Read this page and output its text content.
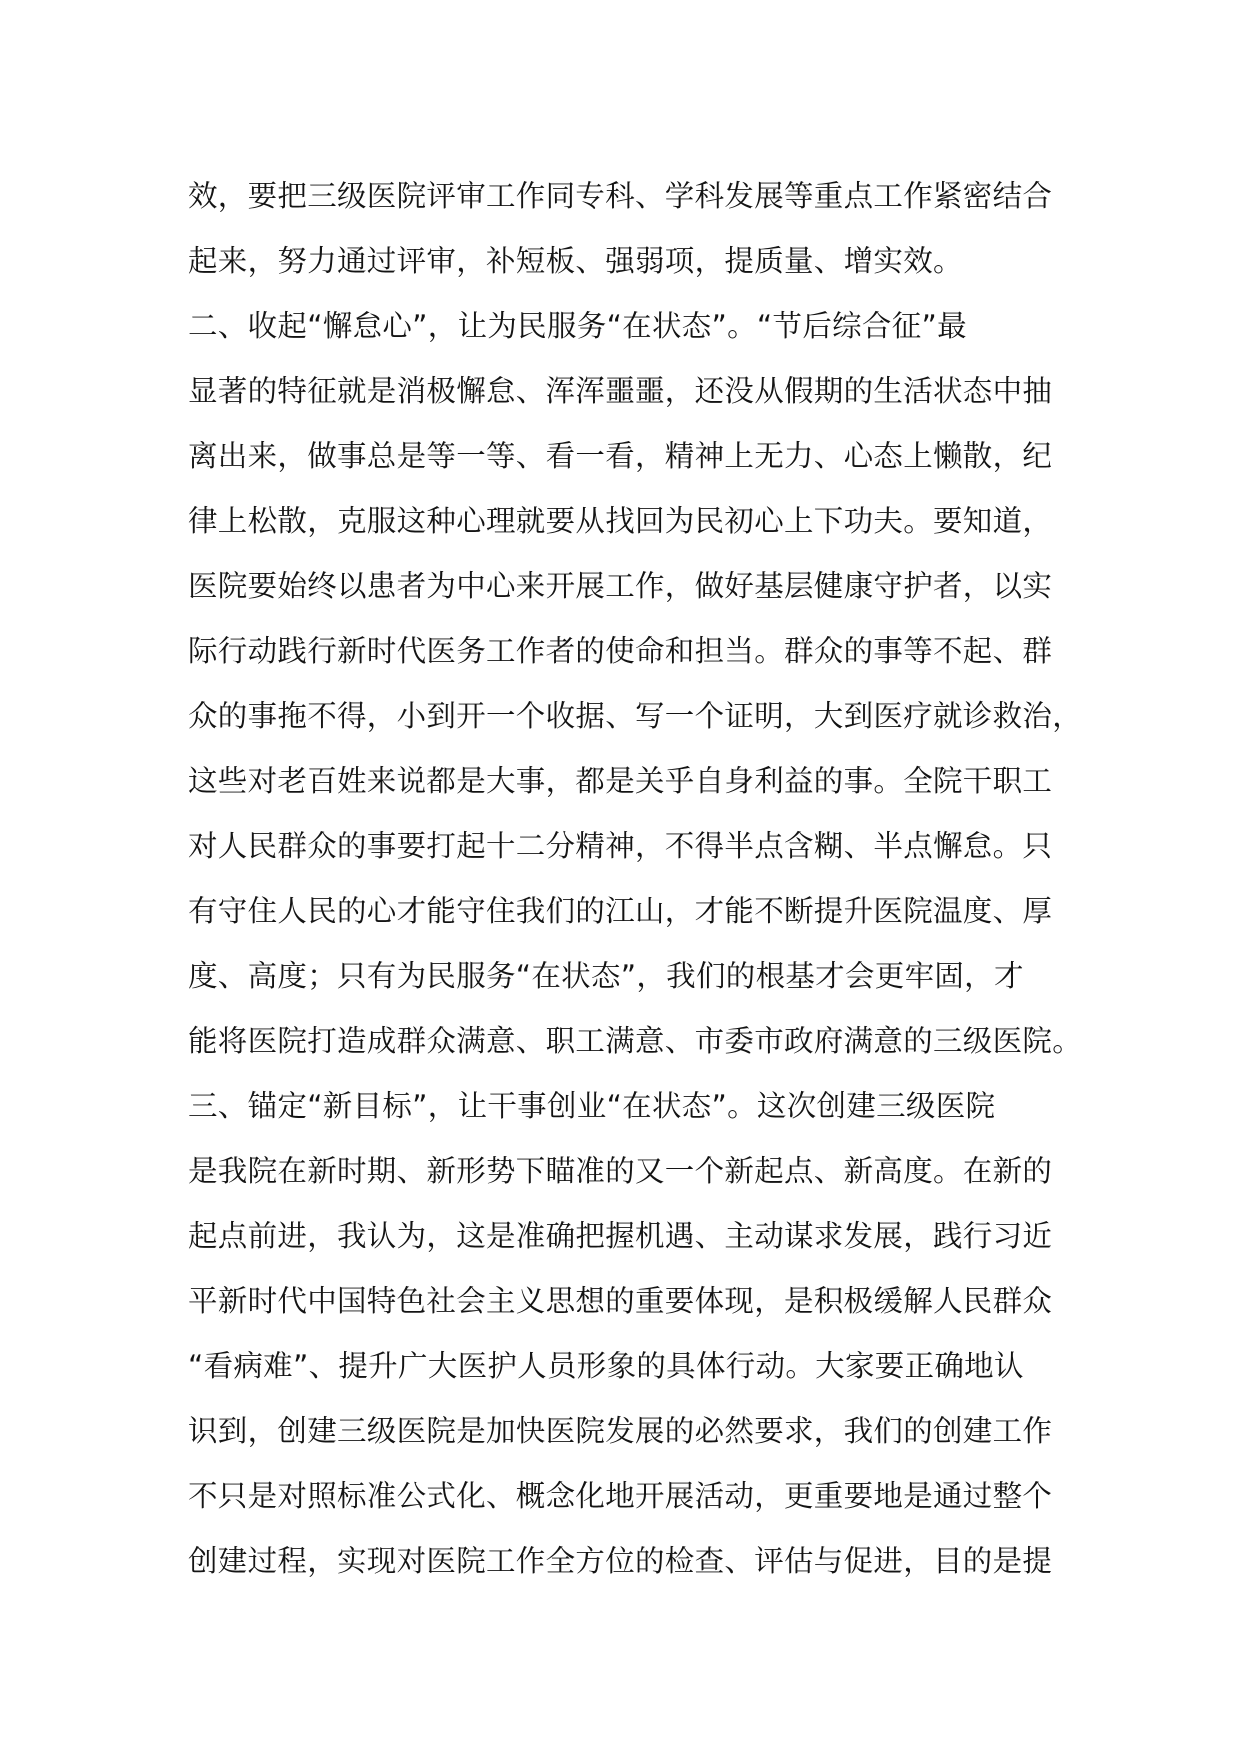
效，要把三级医院评审工作同专科、学科发展等重点工作紧密结合
起来，努力通过评审，补短板、强弱项，提质量、增实效。
二、收起“懈怠心”，让为民服务“在状态”。“节后综合征”最
显著的特征就是消极懈怠、浑浑噩噩，还没从假期的生活状态中抽
离出来，做事总是等一等、看一看，精神上无力、心态上懒散，纪
律上松散，克服这种心理就要从找回为民初心上下功夫。要知道，
医院要始终以患者为中心来开展工作，做好基层健康守护者，以实
际行动践行新时代医务工作者的使命和担当。群众的事等不起、群
众的事拖不得，小到开一个收据、写一个证明，大到医疗就诊救治，
这些对老百姓来说都是大事，都是关乎自身利益的事。全院干职工
对人民群众的事要打起十二分精神，不得半点含糊、半点懈怠。只
有守住人民的心才能守住我们的江山，才能不断提升医院温度、厚
度、高度；只有为民服务“在状态”，我们的根基才会更牢固，才
能将医院打造成群众满意、职工满意、市委市政府满意的三级医院。
三、锚定“新目标”，让干事创业“在状态”。这次创建三级医院
是我院在新时期、新形势下瞄准的又一个新起点、新高度。在新的
起点前进，我认为，这是准确把握机遇、主动谋求发展，践行习近
平新时代中国特色社会主义思想的重要体现，是积极缓解人民群众
“看病难”、提升广大医护人员形象的具体行动。大家要正确地认
识到，创建三级医院是加快医院发展的必然要求，我们的创建工作
不只是对照标准公式化、概念化地开展活动，更重要地是通过整个
创建过程，实现对医院工作全方位的检查、评估与促进，目的是提
